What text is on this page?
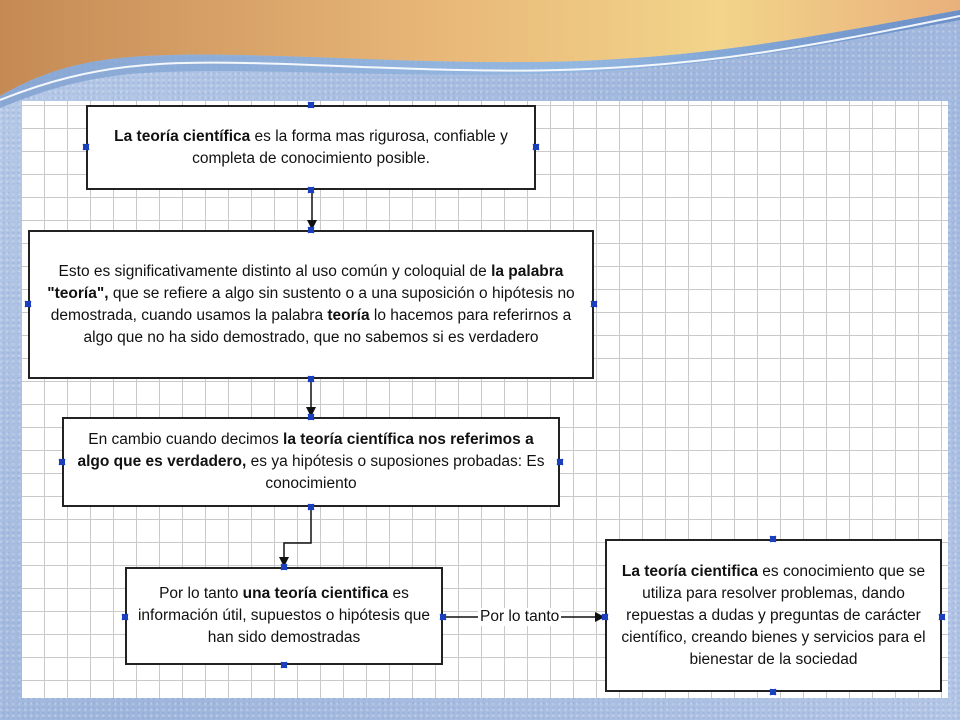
Por lo tanto

La teoría científica es la forma mas rigurosa, confiable y completa de conocimiento posible.

Esto es significativamente distinto al uso común y coloquial de la palabra "teoría", que se refiere a algo sin sustento o a una suposición o hipótesis no demostrada, cuando usamos la palabra teoría lo hacemos para referirnos a algo que no ha sido demostrado, que no sabemos si es verdadero

En cambio cuando decimos la teoría científica nos referimos a algo que es verdadero, es ya hipótesis o suposiones probadas: Es conocimiento

Por lo tanto una teoría cientifica es información útil, supuestos o hipótesis que han sido demostradas

La teoría cientifica es conocimiento que se utiliza para resolver problemas, dando repuestas a dudas y preguntas de carácter científico, creando bienes y servicios para el bienestar de la sociedad
